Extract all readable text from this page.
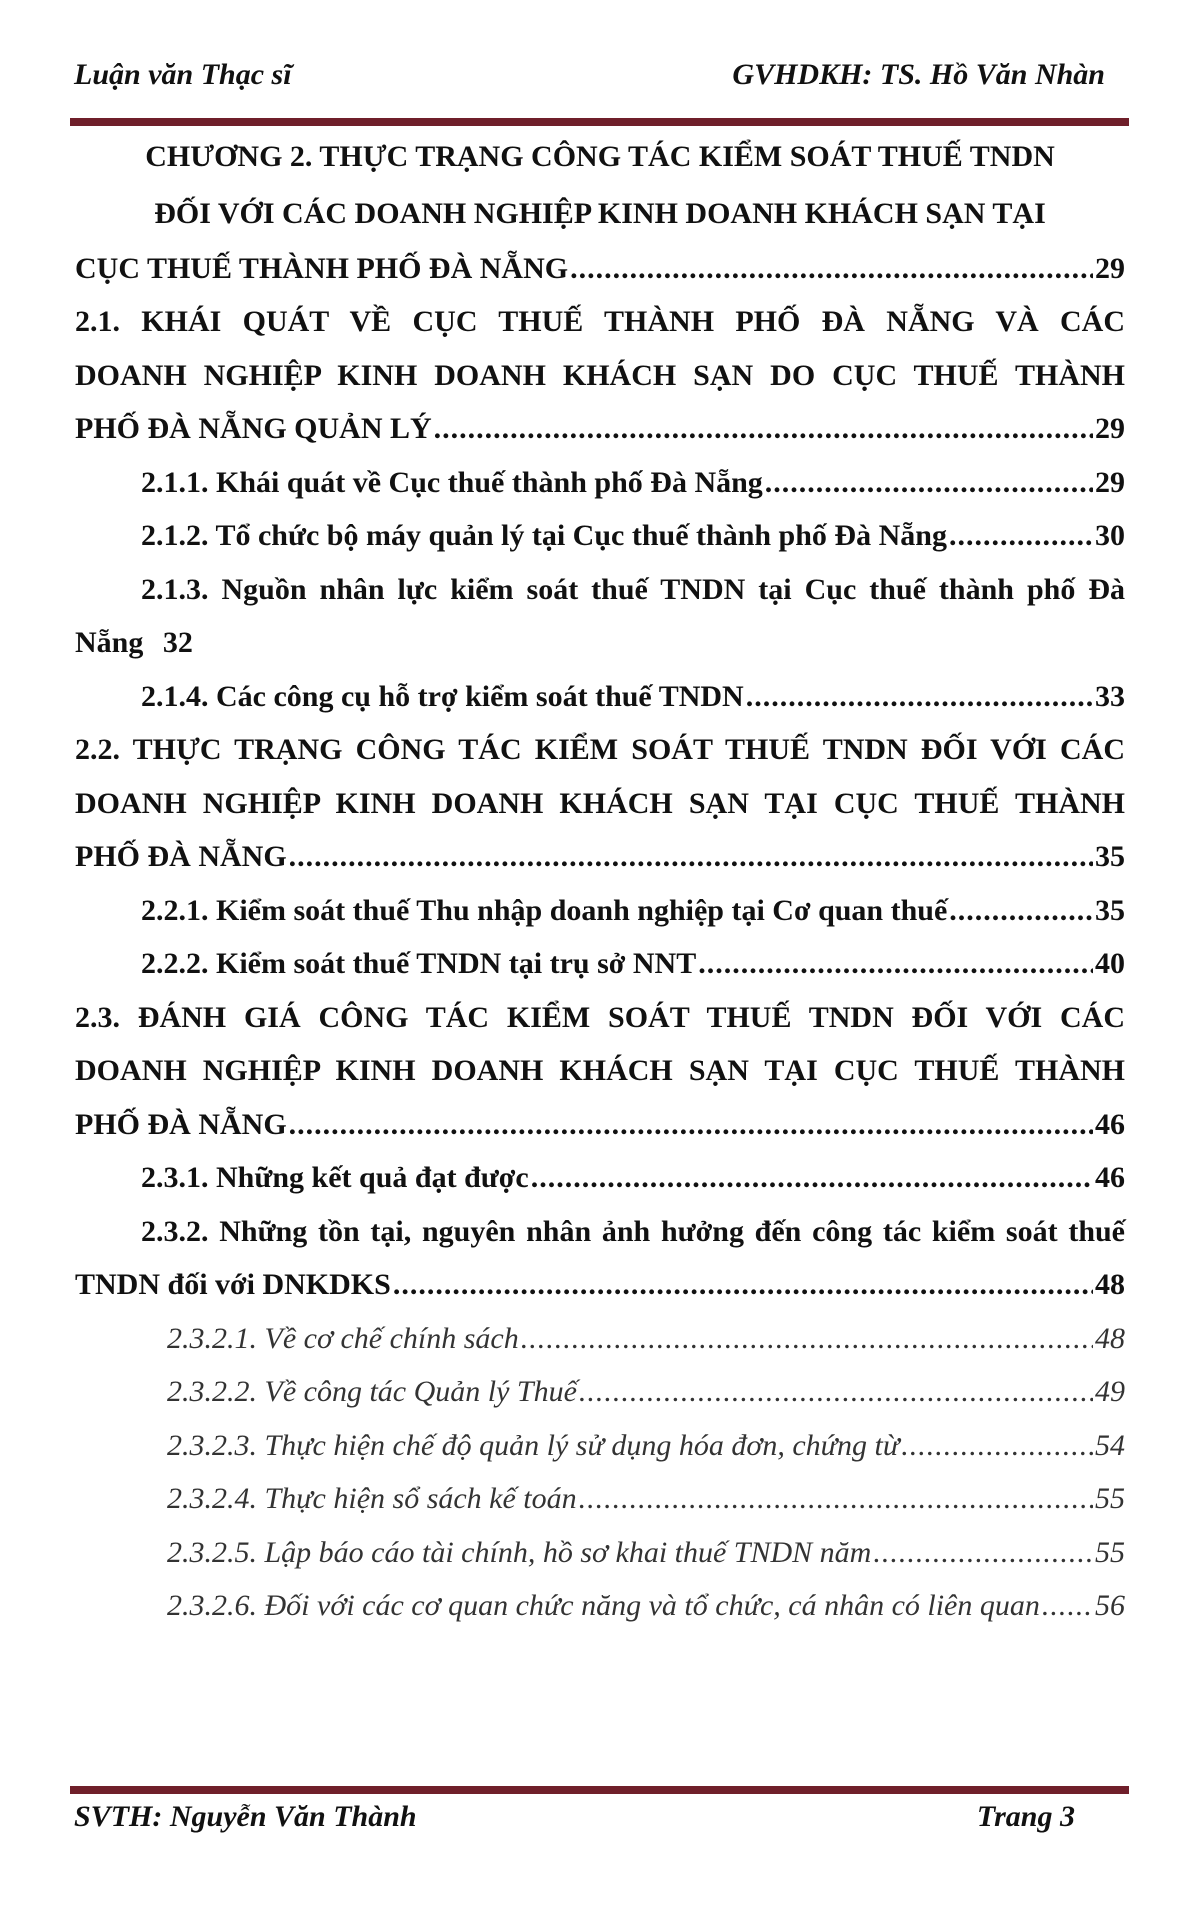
Luận văn Thạc sĩ	GVHDKH: TS. Hồ Văn Nhàn
CHƯƠNG 2. THỰC TRẠNG CÔNG TÁC KIỂM SOÁT THUẾ TNDN
ĐỐI VỚI CÁC DOANH NGHIỆP KINH DOANH KHÁCH SẠN TẠI
CỤC THUẾ THÀNH PHỐ ĐÀ NẴNG .....	29
2.1. KHÁI QUÁT VỀ CỤC THUẾ THÀNH PHỐ ĐÀ NẴNG VÀ CÁC
DOANH NGHIỆP KINH DOANH KHÁCH SẠN DO CỤC THUẾ THÀNH
PHỐ ĐÀ NẴNG QUẢN LÝ .....	29
2.1.1. Khái quát về Cục thuế thành phố Đà Nẵng .....	29
2.1.2. Tổ chức bộ máy quản lý tại Cục thuế thành phố Đà Nẵng .....	30
2.1.3. Nguồn nhân lực kiểm soát thuế TNDN tại Cục thuế thành phố Đà
Nẵng 32
2.1.4. Các công cụ hỗ trợ kiểm soát thuế TNDN .....	33
2.2. THỰC TRẠNG CÔNG TÁC KIỂM SOÁT THUẾ TNDN ĐỐI VỚI CÁC
DOANH NGHIỆP KINH DOANH KHÁCH SẠN TẠI CỤC THUẾ THÀNH
PHỐ ĐÀ NẴNG .....	35
2.2.1. Kiểm soát thuế Thu nhập doanh nghiệp tại Cơ quan thuế .....	35
2.2.2. Kiểm soát thuế TNDN tại trụ sở NNT .....	40
2.3. ĐÁNH GIÁ CÔNG TÁC KIỂM SOÁT THUẾ TNDN ĐỐI VỚI CÁC
DOANH NGHIỆP KINH DOANH KHÁCH SẠN TẠI CỤC THUẾ THÀNH
PHỐ ĐÀ NẴNG .....	46
2.3.1. Những kết quả đạt được .....	46
2.3.2. Những tồn tại, nguyên nhân ảnh hưởng đến công tác kiểm soát thuế
TNDN đối với DNKDKS .....	48
2.3.2.1. Về cơ chế chính sách .....	48
2.3.2.2. Về công tác Quản lý Thuế .....	49
2.3.2.3. Thực hiện chế độ quản lý sử dụng hóa đơn, chứng từ .....	54
2.3.2.4. Thực hiện sổ sách kế toán .....	55
2.3.2.5. Lập báo cáo tài chính, hồ sơ khai thuế TNDN năm .....	55
2.3.2.6. Đối với các cơ quan chức năng và tổ chức, cá nhân có liên quan ..... 56
SVTH: Nguyễn Văn Thành	Trang 3
